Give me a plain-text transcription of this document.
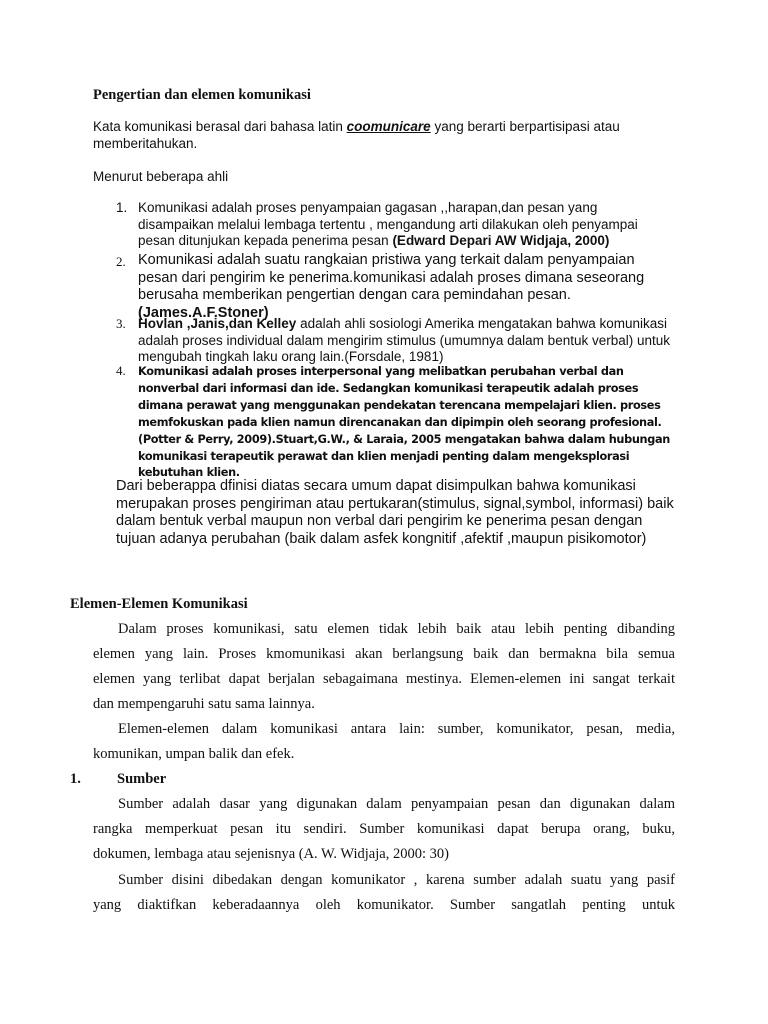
Pengertian dan elemen komunikasi
Kata komunikasi berasal dari bahasa latin coomunicare yang berarti berpartisipasi atau memberitahukan.
Menurut beberapa ahli
1. Komunikasi adalah proses penyampaian gagasan ,,harapan,dan pesan yang disampaikan melalui lembaga tertentu , mengandung arti dilakukan oleh penyampai pesan ditunjukan kepada penerima pesan (Edward Depari AW Widjaja, 2000)
2. Komunikasi adalah suatu rangkaian pristiwa yang terkait dalam penyampaian pesan dari pengirim ke penerima.komunikasi adalah proses dimana seseorang berusaha memberikan pengertian dengan cara pemindahan pesan.(James.A.F.Stoner)
3. Hovlan ,Janis,dan Kelley adalah ahli sosiologi Amerika mengatakan bahwa komunikasi adalah proses individual dalam mengirim stimulus (umumnya dalam bentuk verbal) untuk mengubah tingkah laku orang lain.(Forsdale, 1981)
4. Komunikasi adalah proses interpersonal yang melibatkan perubahan verbal dan nonverbal dari informasi dan ide. Sedangkan komunikasi terapeutik adalah proses dimana perawat yang menggunakan pendekatan terencana mempelajari klien. proses memfokuskan pada klien namun direncanakan dan dipimpin oleh seorang profesional. (Potter & Perry, 2009).Stuart,G.W., & Laraia, 2005 mengatakan bahwa dalam hubungan komunikasi terapeutik perawat dan klien menjadi penting dalam mengeksplorasi kebutuhan klien.
Dari beberappa dfinisi diatas secara umum dapat disimpulkan bahwa komunikasi merupakan proses pengiriman atau pertukaran(stimulus, signal,symbol, informasi) baik dalam bentuk verbal maupun non verbal dari pengirim ke penerima pesan dengan tujuan adanya perubahan (baik dalam asfek kongnitif ,afektif ,maupun pisikomotor)
Elemen-Elemen Komunikasi
Dalam proses komunikasi, satu elemen tidak lebih baik atau lebih penting dibanding
elemen yang lain. Proses kmomunikasi akan berlangsung baik dan bermakna bila semua
elemen yang terlibat dapat berjalan sebagaimana mestinya. Elemen-elemen ini sangat terkait
dan mempengaruhi satu sama lainnya.
Elemen-elemen dalam komunikasi antara lain: sumber, komunikator, pesan, media,
komunikan, umpan balik dan efek.
1. Sumber
Sumber adalah dasar yang digunakan dalam penyampaian pesan dan digunakan dalam
rangka memperkuat pesan itu sendiri. Sumber komunikasi dapat berupa orang, buku,
dokumen, lembaga atau sejenisnya (A. W. Widjaja, 2000: 30)
Sumber disini dibedakan dengan komunikator , karena sumber adalah suatu yang pasif
yang diaktifkan keberadaannya oleh komunikator. Sumber sangatlah penting untuk
